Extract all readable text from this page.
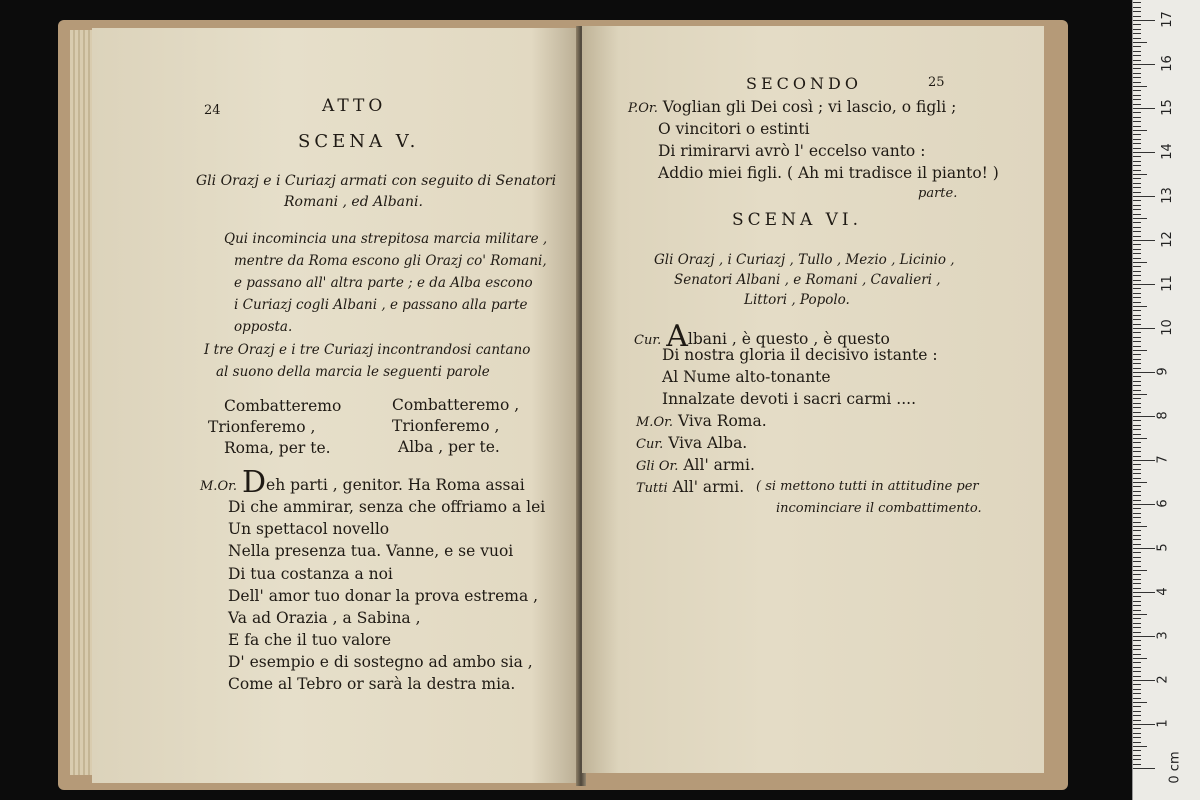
24	ATTO
SCENA V.
Gli Orazj e i Curiazj armati con seguito di Senatori
Romani , ed Albani.
Qui incomincia una strepitosa marcia militare ,
mentre da Roma escono gli Orazj co' Romani,
e passano all' altra parte ; e da Alba escono
i Curiazj cogli Albani , e passano alla parte
opposta.
I tre Orazj e i tre Curiazj incontrandosi cantano
al suono della marcia le seguenti parole
Combatteremo
Trionferemo ,
Roma, per te.
Combatteremo ,
Trionferemo ,
Alba , per te.
M.Or. Deh parti , genitor. Ha Roma assai
Di che ammirar, senza che offriamo a lei
Un spettacol novello
Nella presenza tua. Vanne, e se vuoi
Di tua costanza a noi
Dell' amor tuo donar la prova estrema ,
Va ad Orazia , a Sabina ,
E fa che il tuo valore
D' esempio e di sostegno ad ambo sia ,
Come al Tebro or sarà la destra mia.
SECONDO	25
P.Or. Voglian gli Dei così ; vi lascio, o figli ;
O vincitori o estinti
Di rimirarvi avrò l' eccelso vanto :
Addio miei figli. ( Ah mi tradisce il pianto! )
parte.
SCENA VI.
Gli Orazj , i Curiazj , Tullo , Mezio , Licinio ,
Senatori Albani , e Romani , Cavalieri ,
Littori , Popolo.
Cur. Albani , è questo , è questo
Di nostra gloria il decisivo istante :
Al Nume alto-tonante
Innalzate devoti i sacri carmi ....
M.Or. Viva Roma.
Cur. Viva Alba.
Gli Or. All' armi.
Tutti All' armi. ( si mettono tutti in attitudine per
incominciare il combattimento.
0 cm
1
2
3
4
5
6
7
8
9
10
11
12
13
14
15
16
17
